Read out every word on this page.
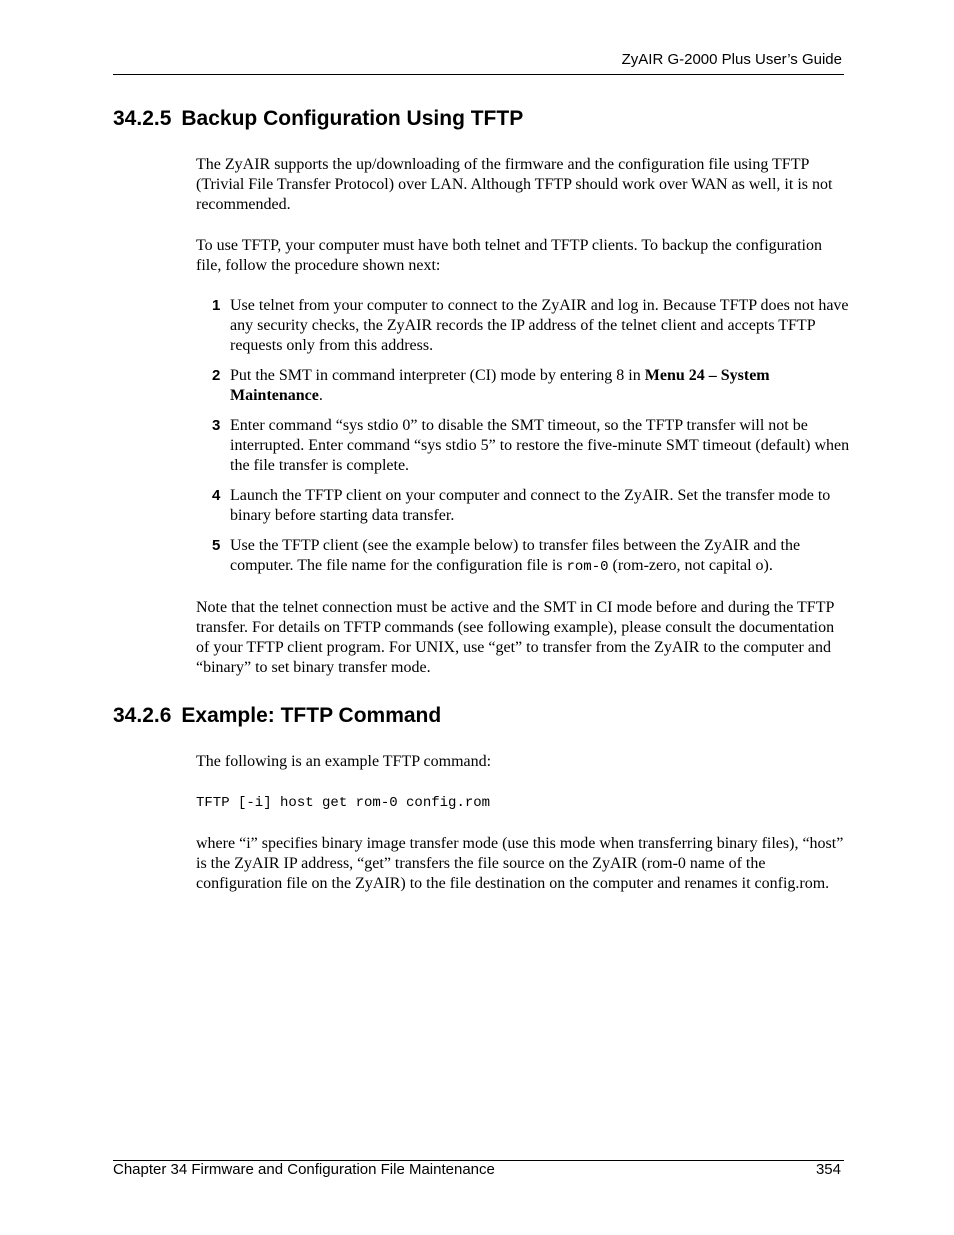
ZyAIR G-2000 Plus User’s Guide
34.2.5 Backup Configuration Using TFTP

The ZyAIR supports the up/downloading of the firmware and the configuration file using TFTP (Trivial File Transfer Protocol) over LAN. Although TFTP should work over WAN as well, it is not recommended.

To use TFTP, your computer must have both telnet and TFTP clients. To backup the configuration file, follow the procedure shown next:

1 Use telnet from your computer to connect to the ZyAIR and log in. Because TFTP does not have any security checks, the ZyAIR records the IP address of the telnet client and accepts TFTP requests only from this address.
2 Put the SMT in command interpreter (CI) mode by entering 8 in Menu 24 – System Maintenance.
3 Enter command “sys stdio 0” to disable the SMT timeout, so the TFTP transfer will not be interrupted. Enter command “sys stdio 5” to restore the five-minute SMT timeout (default) when the file transfer is complete.
4 Launch the TFTP client on your computer and connect to the ZyAIR. Set the transfer mode to binary before starting data transfer.
5 Use the TFTP client (see the example below) to transfer files between the ZyAIR and the computer. The file name for the configuration file is rom-0 (rom-zero, not capital o).

Note that the telnet connection must be active and the SMT in CI mode before and during the TFTP transfer. For details on TFTP commands (see following example), please consult the documentation of your TFTP client program. For UNIX, use “get” to transfer from the ZyAIR to the computer and “binary” to set binary transfer mode.

34.2.6 Example: TFTP Command

The following is an example TFTP command:

TFTP [-i] host get rom-0 config.rom

where “i” specifies binary image transfer mode (use this mode when transferring binary files), “host” is the ZyAIR IP address, “get” transfers the file source on the ZyAIR (rom-0 name of the configuration file on the ZyAIR) to the file destination on the computer and renames it config.rom.

Chapter 34 Firmware and Configuration File Maintenance	354
